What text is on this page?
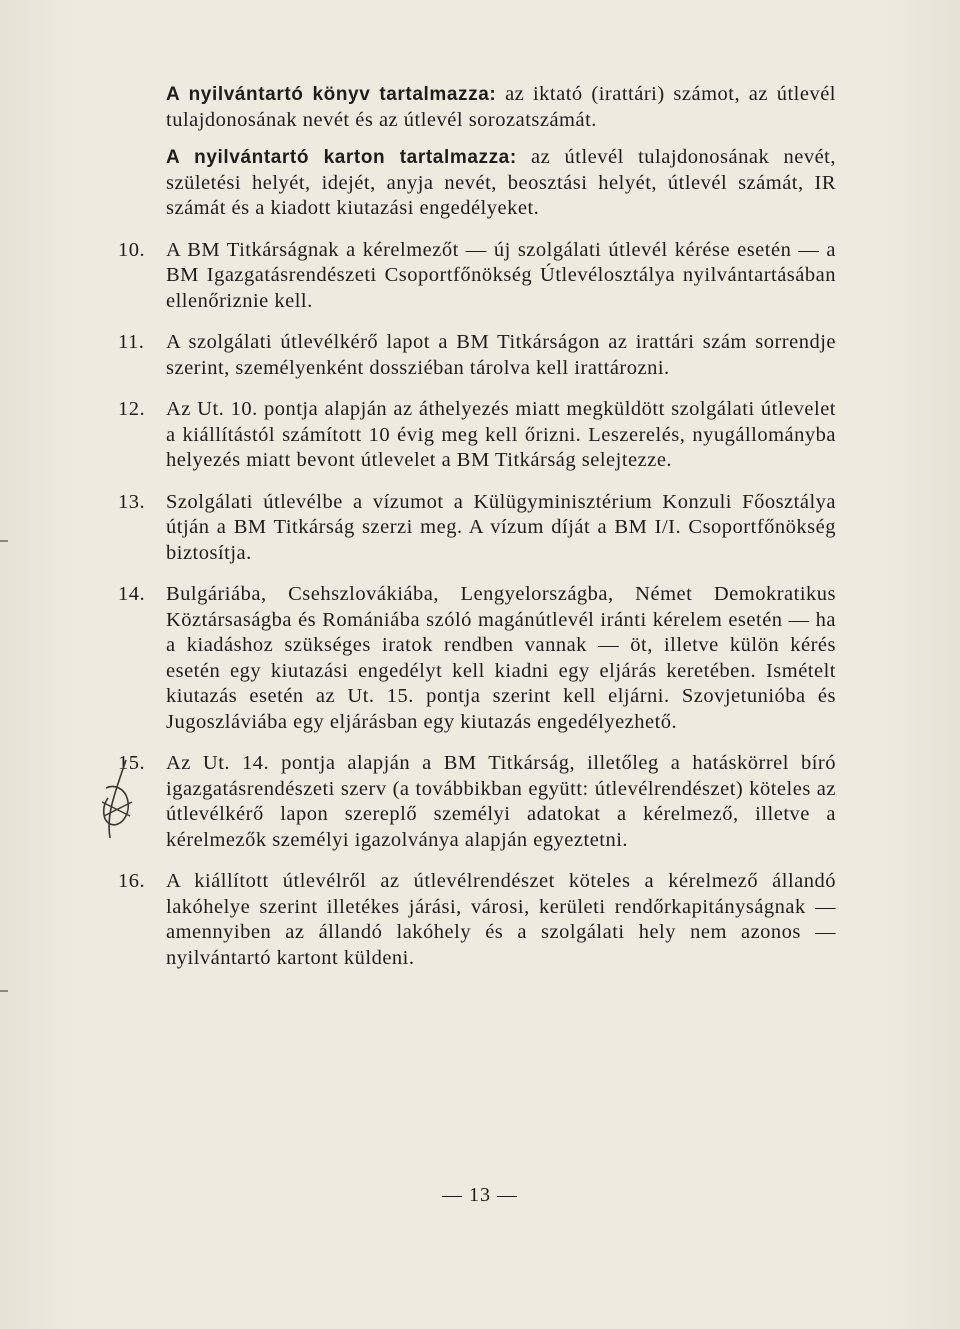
A nyilvántartó könyv tartalmazza: az iktató (irattári) számot, az útlevél tulajdonosának nevét és az útlevél sorozatszámát.

A nyilvántartó karton tartalmazza: az útlevél tulajdonosának nevét, születési helyét, idejét, anyja nevét, beosztási helyét, útlevél számát, IR számát és a kiadott kiutazási engedélyeket.

10.	A BM Titkárságnak a kérelmezőt — új szolgálati útlevél kérése esetén — a BM Igazgatásrendészeti Csoportfőnökség Útlevélosztálya nyilvántartásában ellenőriznie kell.

11.	A szolgálati útlevélkérő lapot a BM Titkárságon az irattári szám sorrendje szerint, személyenként dossziéban tárolva kell irattározni.

12.	Az Ut. 10. pontja alapján az áthelyezés miatt megküldött szolgálati útlevelet a kiállítástól számított 10 évig meg kell őrizni. Leszerelés, nyugállományba helyezés miatt bevont útlevelet a BM Titkárság selejtezze.

13.	Szolgálati útlevélbe a vízumot a Külügyminisztérium Konzuli Főosztálya útján a BM Titkárság szerzi meg. A vízum díját a BM I/I. Csoportfőnökség biztosítja.

14.	Bulgáriába, Csehszlovákiába, Lengyelországba, Német Demokratikus Köztársaságba és Romániába szóló magánútlevél iránti kérelem esetén — ha a kiadáshoz szükséges iratok rendben vannak — öt, illetve külön kérés esetén egy kiutazási engedélyt kell kiadni egy eljárás keretében. Ismételt kiutazás esetén az Ut. 15. pontja szerint kell eljárni. Szovjetunióba és Jugoszláviába egy eljárásban egy kiutazás engedélyezhető.

15.	Az Ut. 14. pontja alapján a BM Titkárság, illetőleg a hatáskörrel bíró igazgatásrendészeti szerv (a továbbikban együtt: útlevélrendészet) köteles az útlevélkérő lapon szereplő személyi adatokat a kérelmező, illetve a kérelmezők személyi igazolványa alapján egyeztetni.

16.	A kiállított útlevélről az útlevélrendészet köteles a kérelmező állandó lakóhelye szerint illetékes járási, városi, kerületi rendőrkapitányságnak — amennyiben az állandó lakóhely és a szolgálati hely nem azonos — nyilvántartó kartont küldeni.

— 13 —
